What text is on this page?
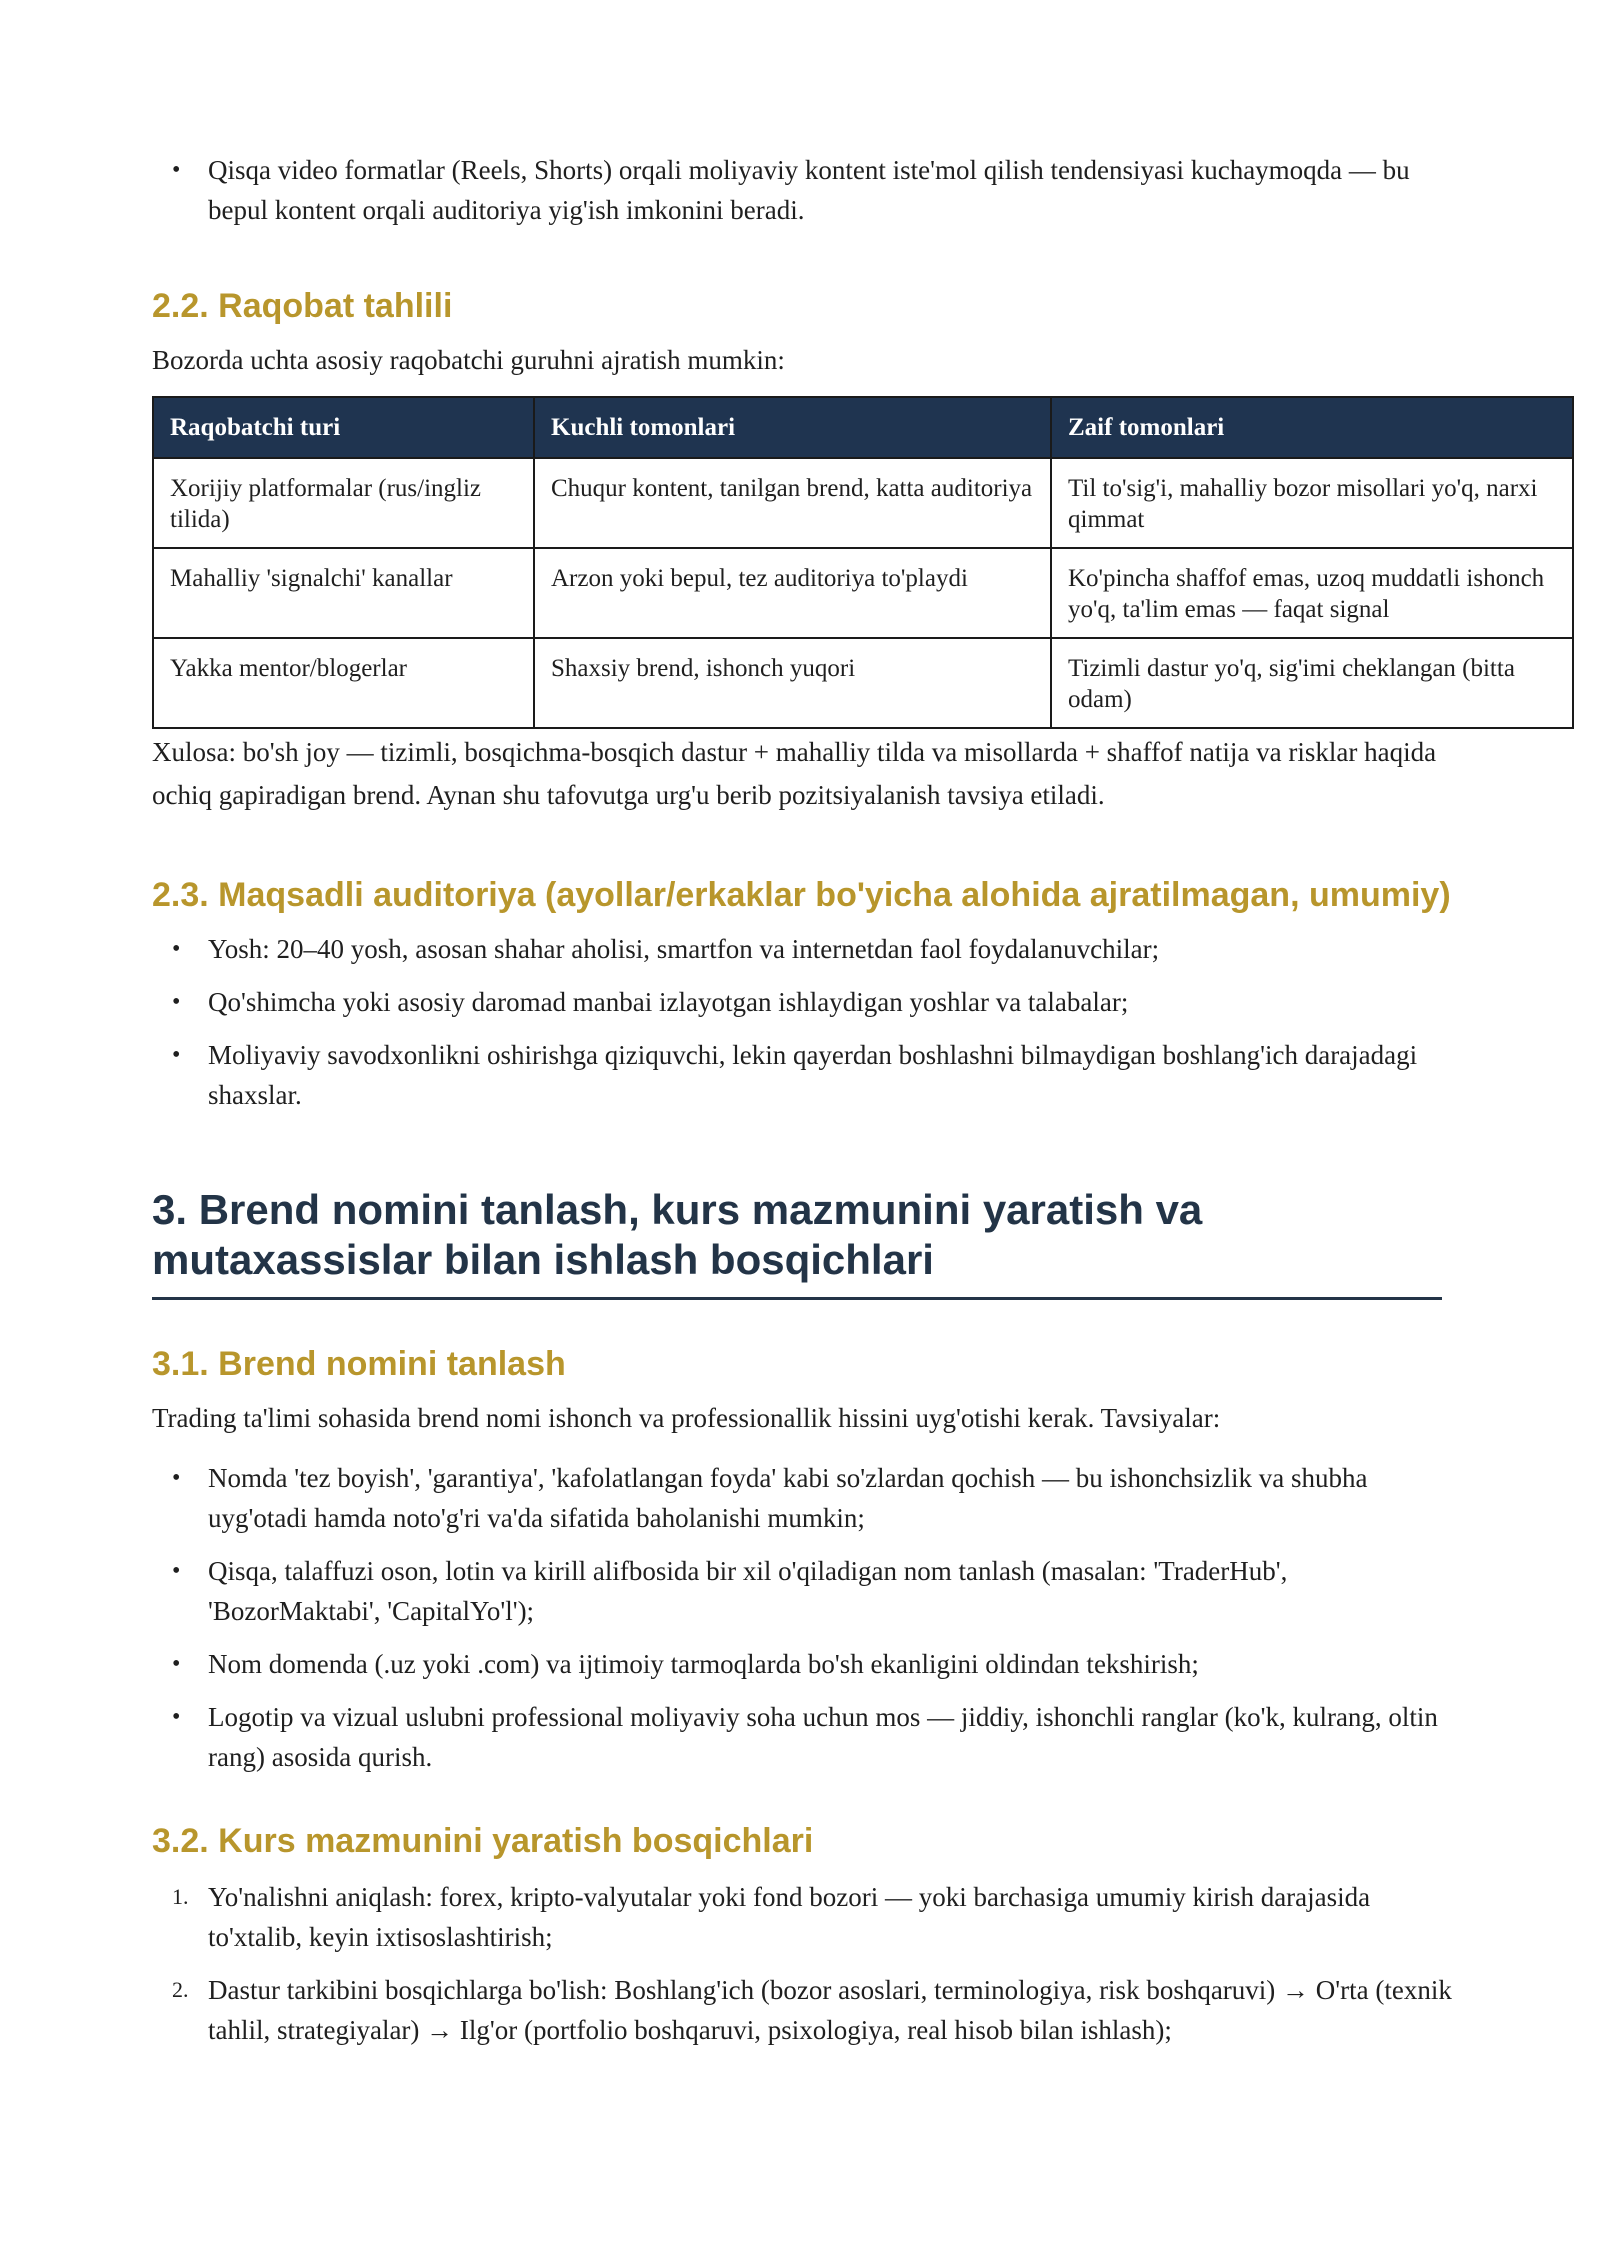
• Qisqa video formatlar (Reels, Shorts) orqali moliyaviy kontent iste'mol qilish tendensiyasi kuchaymoqda — bu bepul kontent orqali auditoriya yig'ish imkonini beradi.
2.2. Raqobat tahlili

Bozorda uchta asosiy raqobatchi guruhni ajratish mumkin:

Raqobatchi turi	Kuchli tomonlari	Zaif tomonlari
Xorijiy platformalar (rus/ingliz tilida)	Chuqur kontent, tanilgan brend, katta auditoriya	Til to'sig'i, mahalliy bozor misollari yo'q, narxi qimmat
Mahalliy 'signalchi' kanallar	Arzon yoki bepul, tez auditoriya to'playdi	Ko'pincha shaffof emas, uzoq muddatli ishonch yo'q, ta'lim emas — faqat signal
Yakka mentor/blogerlar	Shaxsiy brend, ishonch yuqori	Tizimli dastur yo'q, sig'imi cheklangan (bitta odam)

Xulosa: bo'sh joy — tizimli, bosqichma-bosqich dastur + mahalliy tilda va misollarda + shaffof natija va risklar haqida ochiq gapiradigan brend. Aynan shu tafovutga urg'u berib pozitsiyalanish tavsiya etiladi.

2.3. Maqsadli auditoriya (ayollar/erkaklar bo'yicha alohida ajratilmagan, umumiy)
• Yosh: 20–40 yosh, asosan shahar aholisi, smartfon va internetdan faol foydalanuvchilar;
• Qo'shimcha yoki asosiy daromad manbai izlayotgan ishlaydigan yoshlar va talabalar;
• Moliyaviy savodxonlikni oshirishga qiziquvchi, lekin qayerdan boshlashni bilmaydigan boshlang'ich darajadagi shaxslar.
3. Brend nomini tanlash, kurs mazmunini yaratish va mutaxassislar bilan ishlash bosqichlari
3.1. Brend nomini tanlash

Trading ta'limi sohasida brend nomi ishonch va professionallik hissini uyg'otishi kerak. Tavsiyalar:

• Nomda 'tez boyish', 'garantiya', 'kafolatlangan foyda' kabi so'zlardan qochish — bu ishonchsizlik va shubha uyg'otadi hamda noto'g'ri va'da sifatida baholanishi mumkin;
• Qisqa, talaffuzi oson, lotin va kirill alifbosida bir xil o'qiladigan nom tanlash (masalan: 'TraderHub', 'BozorMaktabi', 'CapitalYo'l');
• Nom domenda (.uz yoki .com) va ijtimoiy tarmoqlarda bo'sh ekanligini oldindan tekshirish;
• Logotip va vizual uslubni professional moliyaviy soha uchun mos — jiddiy, ishonchli ranglar (ko'k, kulrang, oltin rang) asosida qurish.
3.2. Kurs mazmunini yaratish bosqichlari
1. Yo'nalishni aniqlash: forex, kripto-valyutalar yoki fond bozori — yoki barchasiga umumiy kirish darajasida to'xtalib, keyin ixtisoslashtirish;
2. Dastur tarkibini bosqichlarga bo'lish: Boshlang'ich (bozor asoslari, terminologiya, risk boshqaruvi) → O'rta (texnik tahlil, strategiyalar) → Ilg'or (portfolio boshqaruvi, psixologiya, real hisob bilan ishlash);
